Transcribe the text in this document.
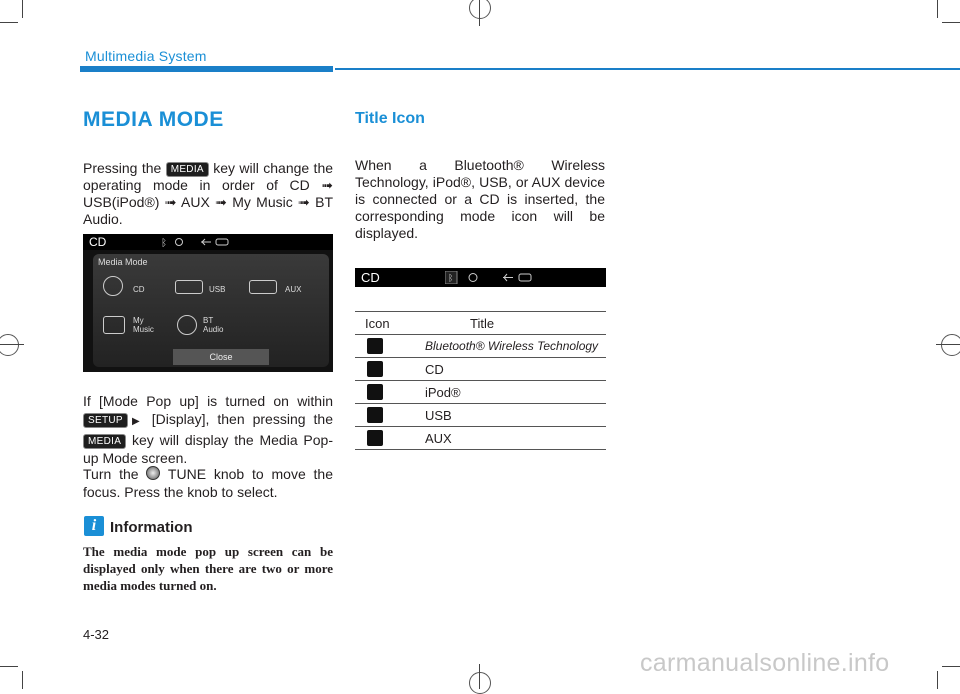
Multimedia System
MEDIA MODE
Pressing the MEDIA key will change the operating mode in order of CD ➟ USB(iPod®) ➟ AUX ➟ My Music ➟ BT Audio.
CD	ᛒ
Media Mode
CD	USB	AUX
My Music
BT Audio
Close
If [Mode Pop up] is turned on within SETUP ▶ [Display], then pressing the MEDIA key will display the Media Pop-up Mode screen.
Turn the TUNE knob to move the focus. Press the knob to select.
i Information
The media mode pop up screen can be displayed only when there are two or more media modes turned on.
4-32
Title Icon
When a Bluetooth® Wireless Technology, iPod®, USB, or AUX device is connected or a CD is inserted, the corresponding mode icon will be displayed.
CD	ᛒ
Icon	Title
	Bluetooth® Wireless Technology
	CD
	iPod®
	USB
	AUX
carmanualsonline.info
